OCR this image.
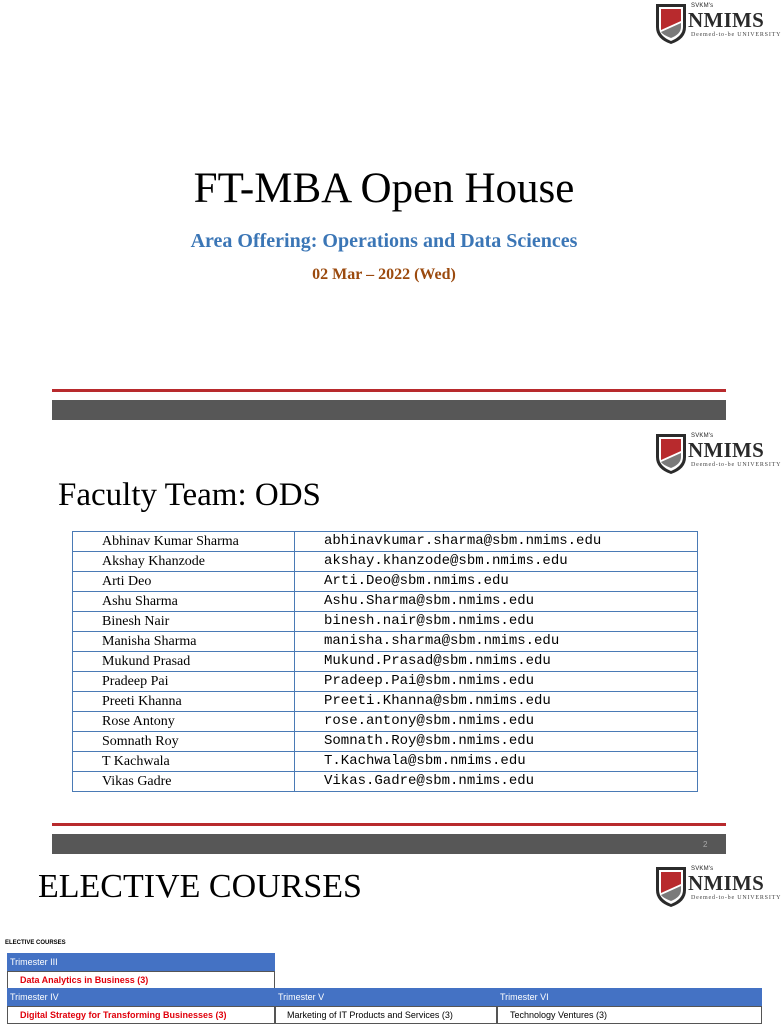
SVKM's
NMIMS
Deemed-to-be UNIVERSITY
FT-MBA Open House
Area Offering: Operations and Data Sciences
02 Mar – 2022 (Wed)
SVKM's
NMIMS
Deemed-to-be UNIVERSITY
Faculty Team: ODS
Abhinav Kumar Sharma	abhinavkumar.sharma@sbm.nmims.edu
Akshay Khanzode	akshay.khanzode@sbm.nmims.edu
Arti Deo	Arti.Deo@sbm.nmims.edu
Ashu Sharma	Ashu.Sharma@sbm.nmims.edu
Binesh Nair	binesh.nair@sbm.nmims.edu
Manisha Sharma	manisha.sharma@sbm.nmims.edu
Mukund Prasad	Mukund.Prasad@sbm.nmims.edu
Pradeep Pai	Pradeep.Pai@sbm.nmims.edu
Preeti Khanna	Preeti.Khanna@sbm.nmims.edu
Rose Antony	rose.antony@sbm.nmims.edu
Somnath Roy	Somnath.Roy@sbm.nmims.edu
T Kachwala	T.Kachwala@sbm.nmims.edu
Vikas Gadre	Vikas.Gadre@sbm.nmims.edu
2
ELECTIVE COURSES	SVKM's
NMIMS
Deemed-to-be UNIVERSITY
ELECTIVE COURSES
Trimester III
Data Analytics in Business (3)
Trimester IV	Trimester V	Trimester VI
Digital Strategy for Transforming Businesses (3)	Marketing of IT Products and Services (3)	Technology Ventures (3)
